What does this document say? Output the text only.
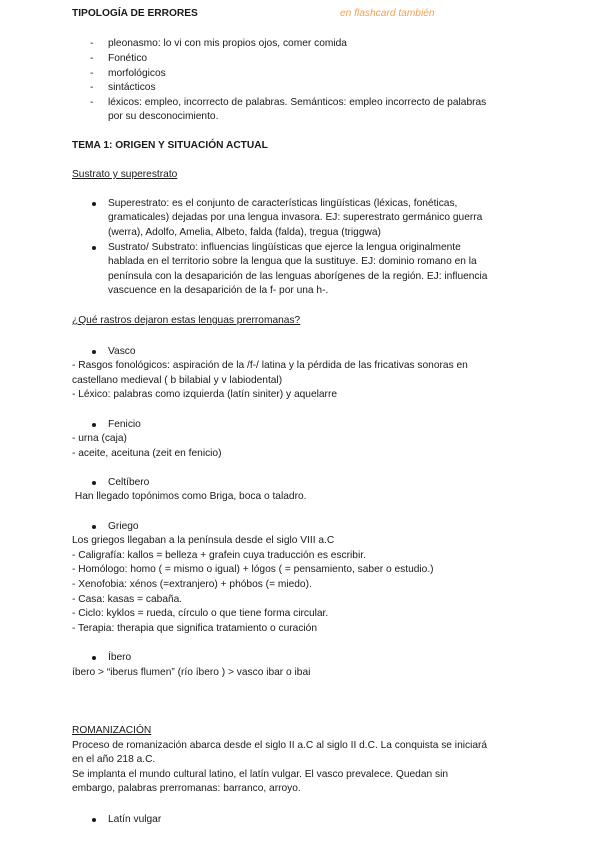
TIPOLOGÍA DE ERRORES	en flashcard también
- pleonasmo: lo vi con mis propios ojos, comer comida
- Fonético
- morfológicos
- sintácticos
- léxicos: empleo, incorrecto de palabras. Semánticos: empleo incorrecto de palabras
por su desconocimiento.
TEMA 1: ORIGEN Y SITUACIÓN ACTUAL
Sustrato y superestrato
Superestrato: es el conjunto de características lingüísticas (léxicas, fonéticas,
gramaticales) dejadas por una lengua invasora. EJ: superestrato germánico guerra
(werra), Adolfo, Amelia, Albeto, falda (falda), tregua (triggwa)
Sustrato/ Substrato: influencias lingüísticas que ejerce la lengua originalmente
hablada en el territorio sobre la lengua que la sustituye. EJ: dominio romano en la
península con la desaparición de las lenguas aborígenes de la región. EJ: influencia
vascuence en la desaparición de la f- por una h-.
¿Qué rastros dejaron estas lenguas prerromanas?
Vasco
- Rasgos fonológicos: aspiración de la /f-/ latina y la pérdida de las fricativas sonoras en
castellano medieval ( b bilabial y v labiodental)
- Léxico: palabras como izquierda (latín siniter) y aquelarre
Fenicio
- urna (caja)
- aceite, aceituna (zeit en fenicio)
Celtíbero
Han llegado topónimos como Briga, boca o taladro.
Griego
Los griegos llegaban a la península desde el siglo VIII a.C
- Caligrafía: kallos = belleza + grafein cuya traducción es escribir.
- Homólogo: homo ( = mismo o igual) + lógos ( = pensamiento, saber o estudio.)
- Xenofobia: xénos (=extranjero) + phóbos (= miedo).
- Casa: kasas = cabaña.
- Ciclo: kyklos = rueda, círculo o que tiene forma circular.
- Terapia: therapia que significa tratamiento o curación
Íbero
íbero > “iberus flumen” (río íbero ) > vasco ibar o ibai
ROMANIZACIÓN
Proceso de romanización abarca desde el siglo II a.C al siglo II d.C. La conquista se iniciará
en el año 218 a.C.
Se implanta el mundo cultural latino, el latín vulgar. El vasco prevalece. Quedan sin
embargo, palabras prerromanas: barranco, arroyo.
Latín vulgar
